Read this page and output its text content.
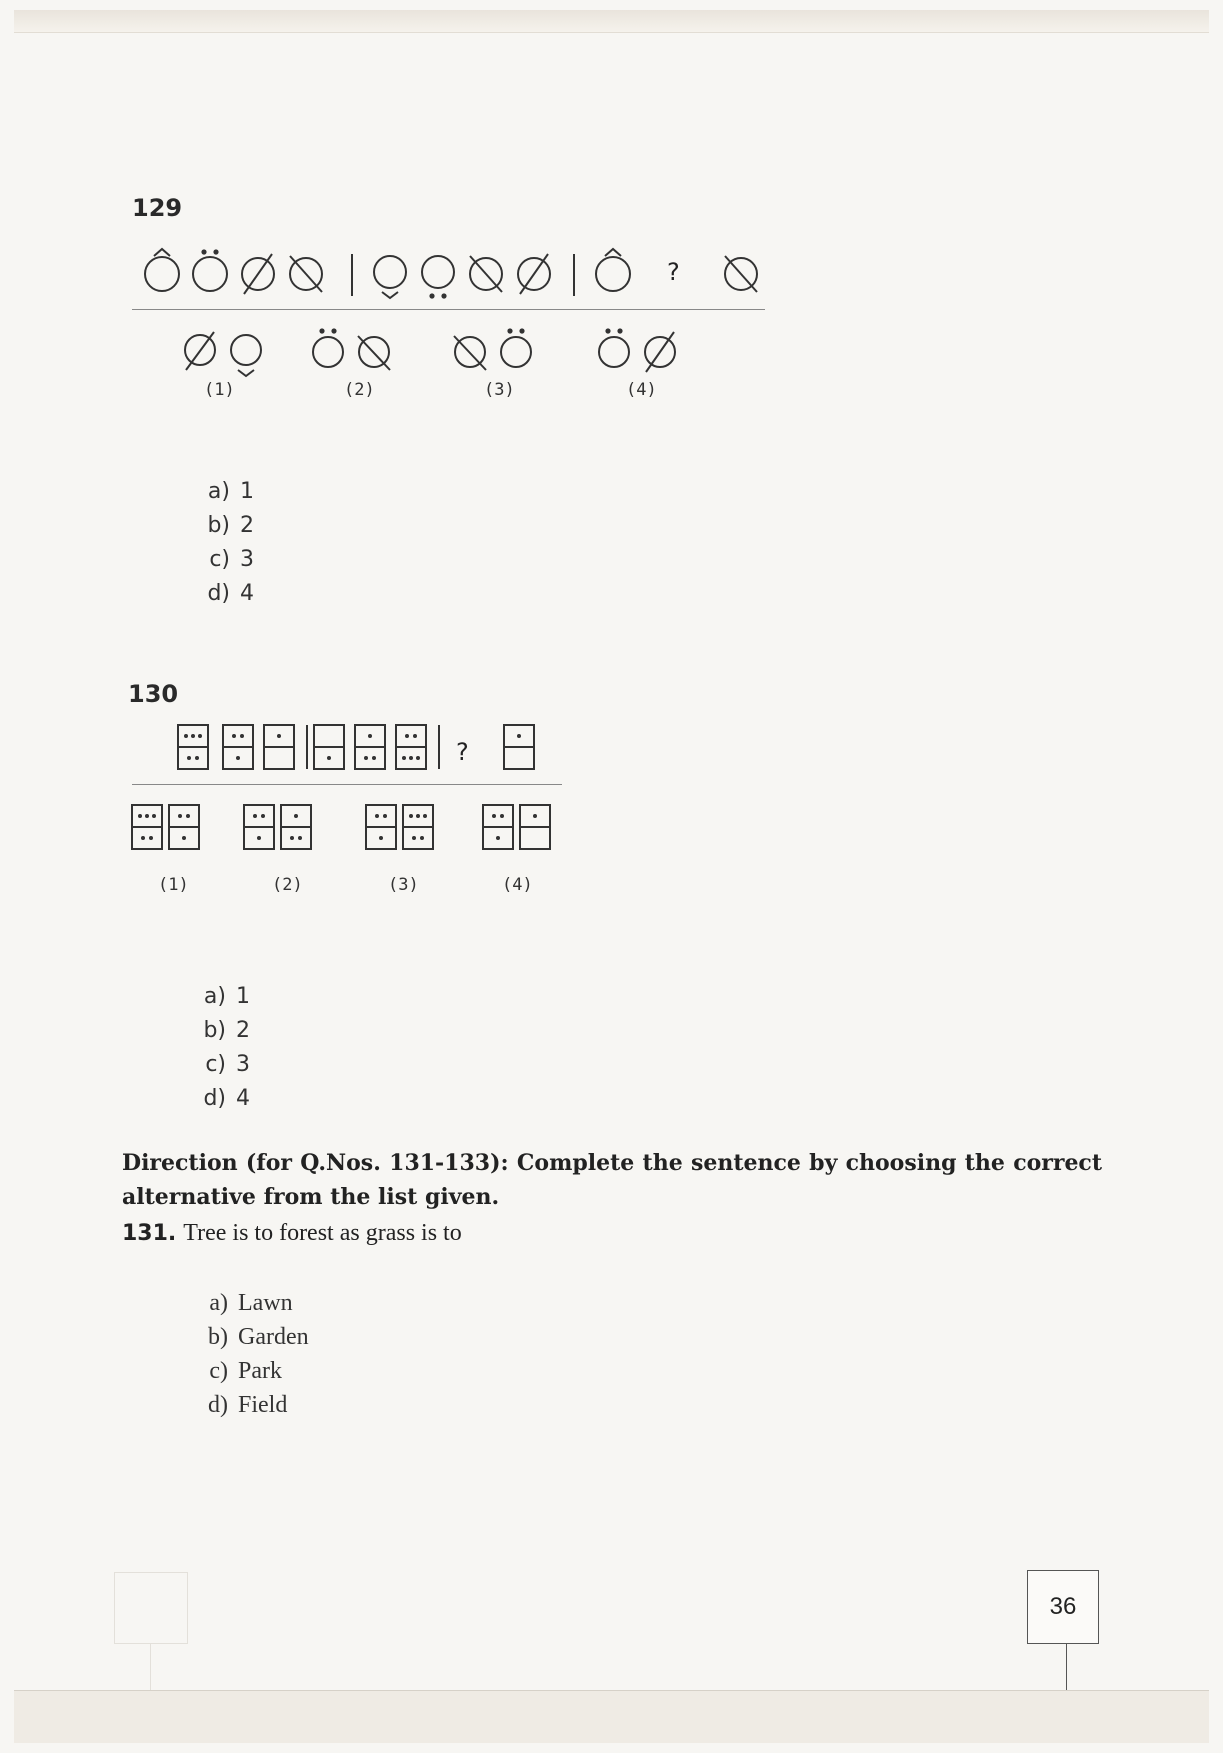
129
?
(1)	(2)	(3)	(4)
a) 1
b) 2
c) 3
d) 4
130
?
(1)	(2)	(3)	(4)
a) 1
b) 2
c) 3
d) 4
Direction (for Q.Nos. 131-133): Complete the sentence by choosing the correct alternative from the list given.
131. Tree is to forest as grass is to
a) Lawn
b) Garden
c) Park
d) Field
36
